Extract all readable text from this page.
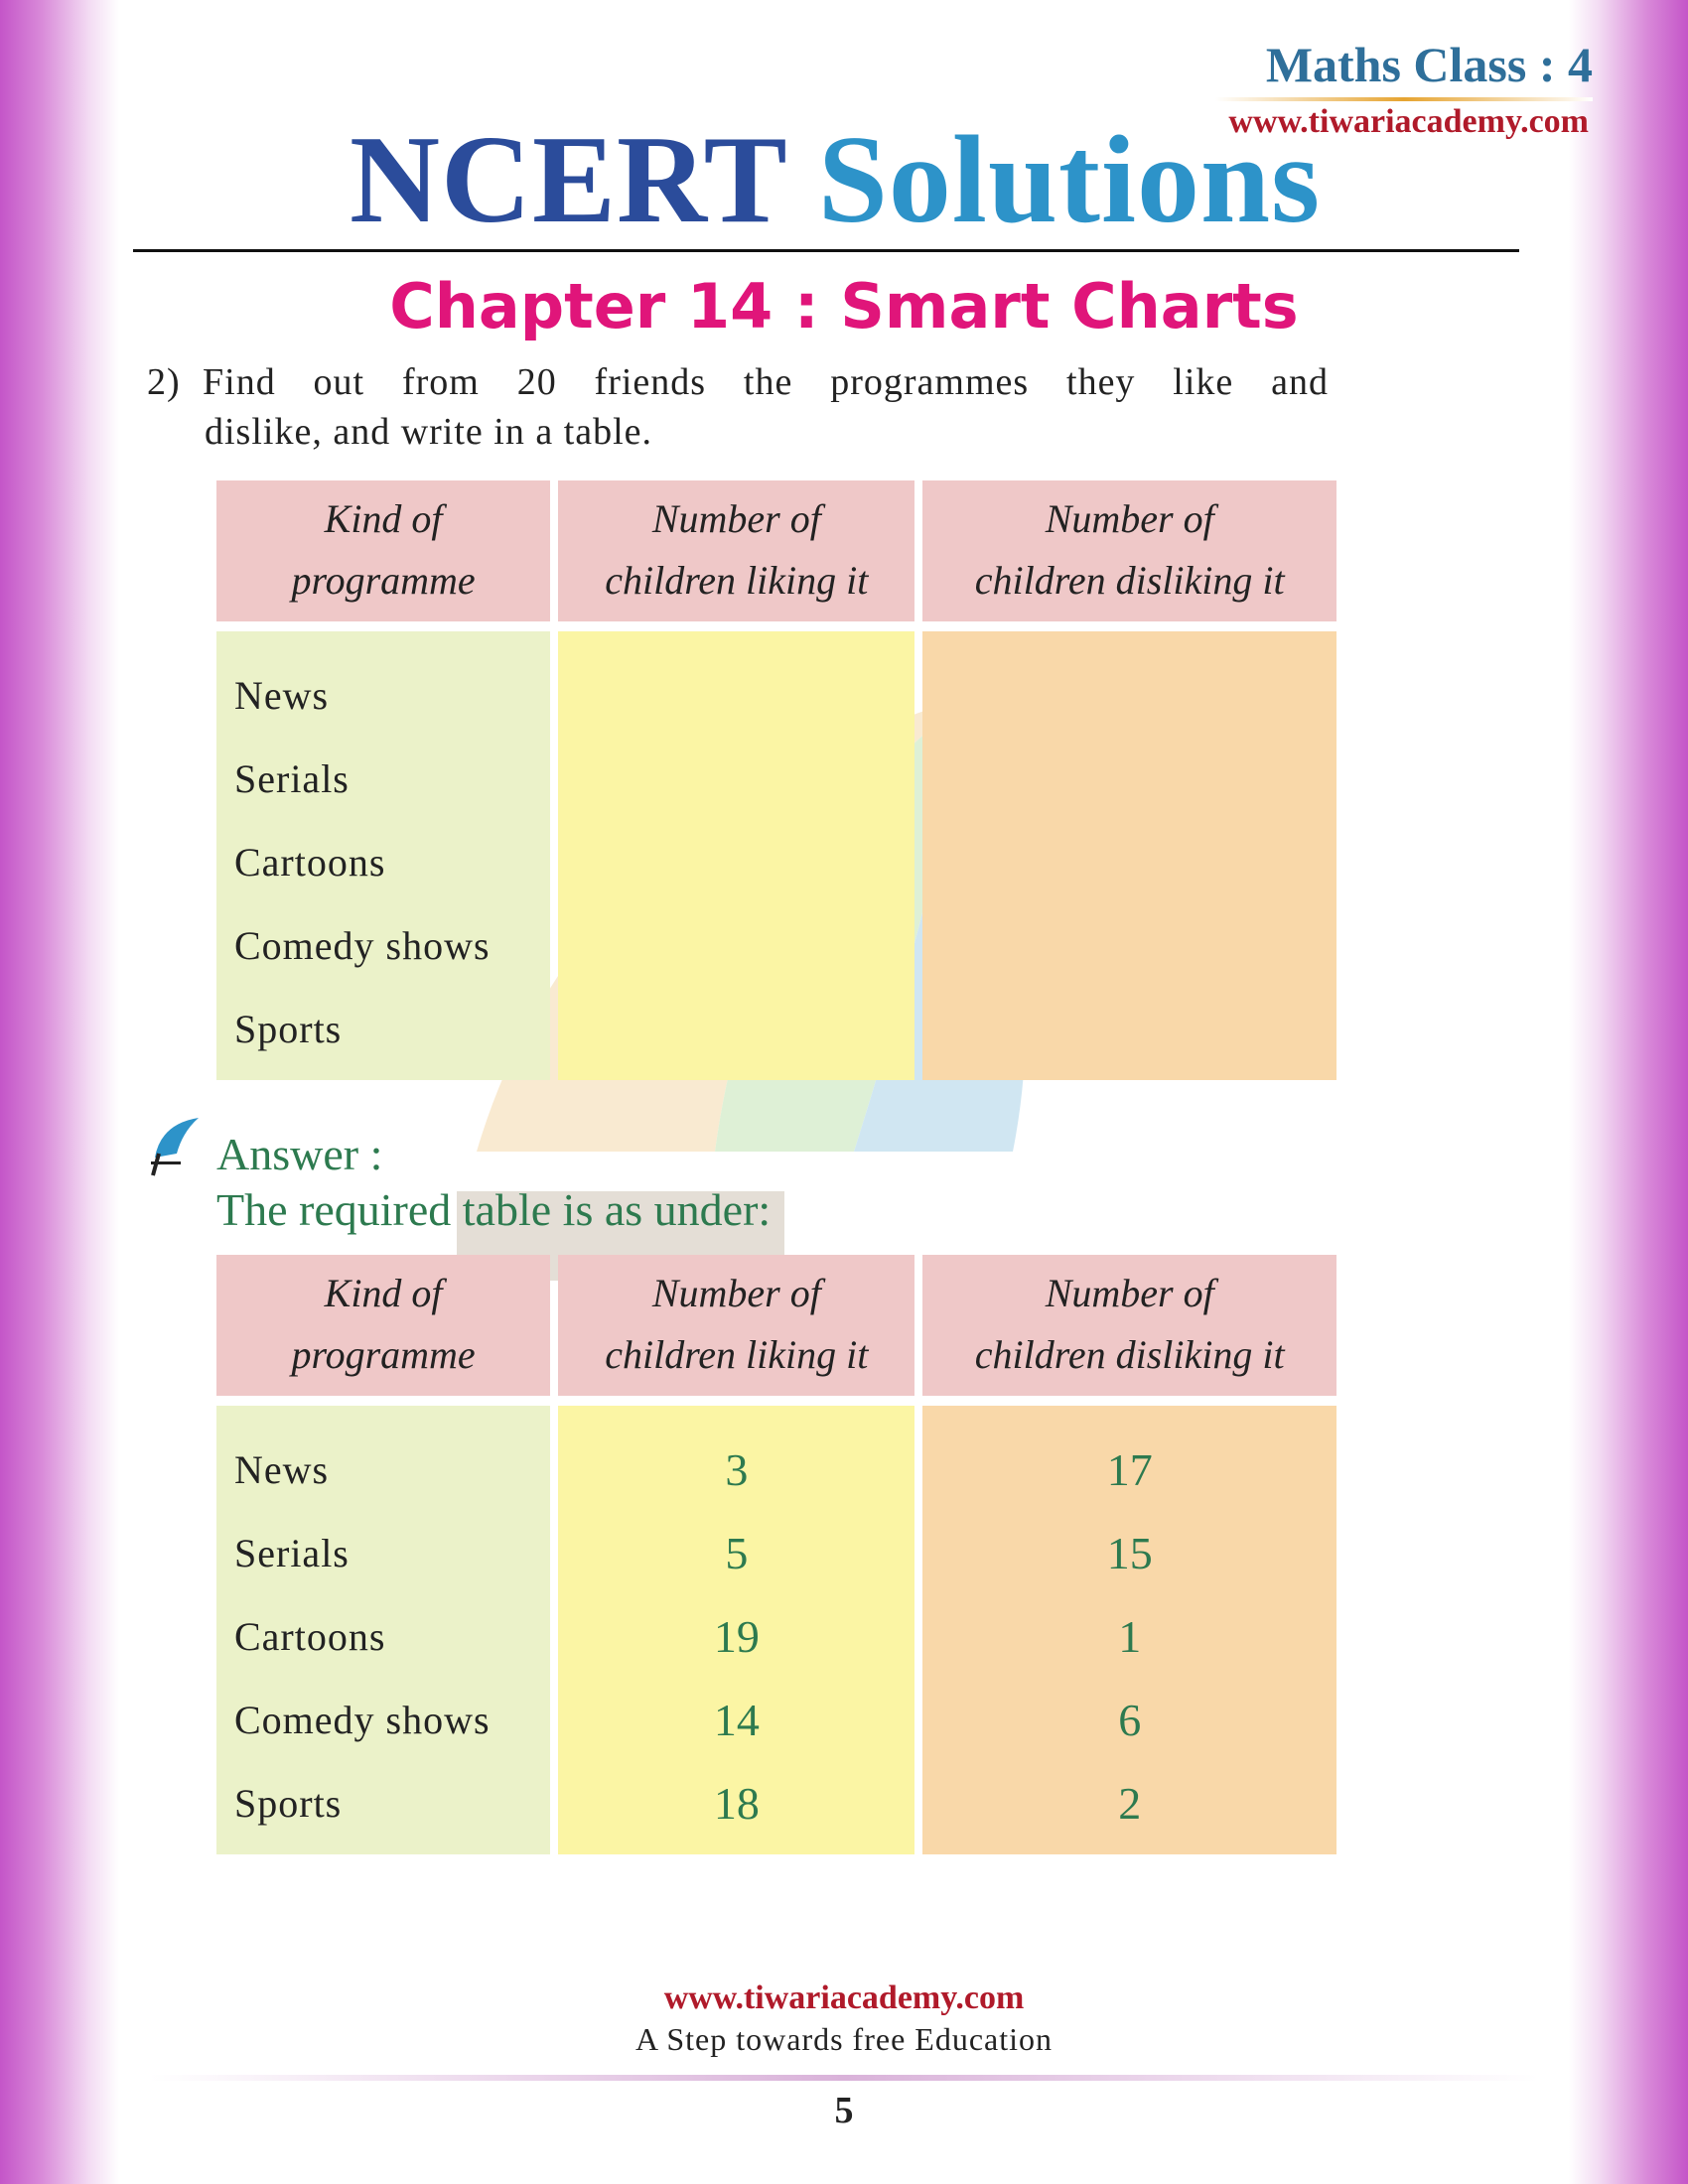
Maths Class : 4
www.tiwariacademy.com
NCERT Solutions
Chapter 14 : Smart Charts
2) Find out from 20 friends the programmes they like and
dislike, and write in a table.
Kind of
programme	Number of
children liking it	Number of
children disliking it
News		
Serials		
Cartoons		
Comedy shows		
Sports		
Answer :
The required table is as under:
Kind of
programme	Number of
children liking it	Number of
children disliking it
News	3	17
Serials	5	15
Cartoons	19	1
Comedy shows	14	6
Sports	18	2
www.tiwariacademy.com
A Step towards free Education
5
